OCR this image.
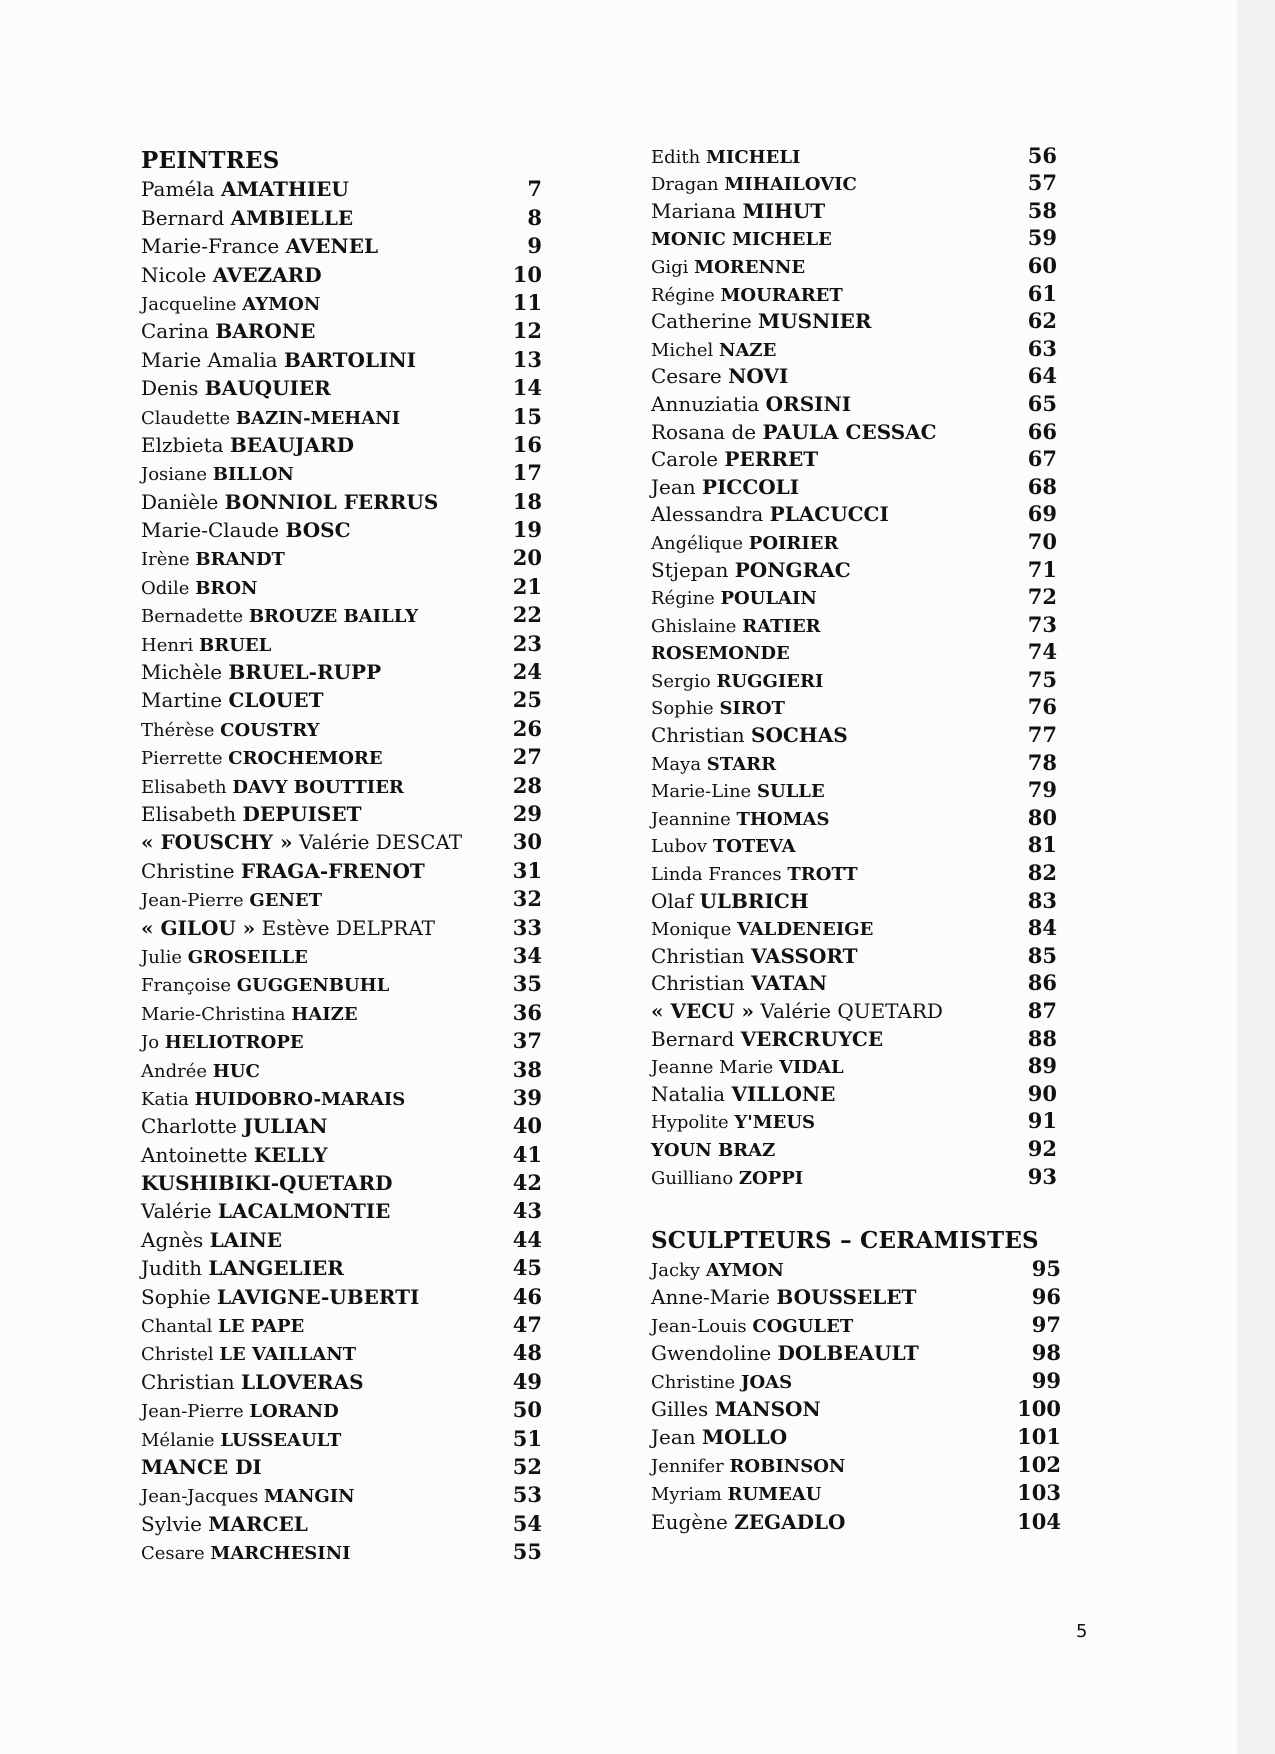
PEINTRES
Paméla AMATHIEU	7
Bernard AMBIELLE	8
Marie-France AVENEL	9
Nicole AVEZARD	10
Jacqueline AYMON	11
Carina BARONE	12
Marie Amalia BARTOLINI	13
Denis BAUQUIER	14
Claudette BAZIN-MEHANI	15
Elzbieta BEAUJARD	16
Josiane BILLON	17
Danièle BONNIOL FERRUS	18
Marie-Claude BOSC	19
Irène BRANDT	20
Odile BRON	21
Bernadette BROUZE BAILLY	22
Henri BRUEL	23
Michèle BRUEL-RUPP	24
Martine CLOUET	25
Thérèse COUSTRY	26
Pierrette CROCHEMORE	27
Elisabeth DAVY BOUTTIER	28
Elisabeth DEPUISET	29
« FOUSCHY » Valérie DESCAT 30
Christine FRAGA-FRENOT	31
Jean-Pierre GENET	32
« GILOU » Estève DELPRAT	33
Julie GROSEILLE	34
Françoise GUGGENBUHL	35
Marie-Christina HAIZE	36
Jo HELIOTROPE	37
Andrée HUC	38
Katia HUIDOBRO-MARAIS	39
Charlotte JULIAN	40
Antoinette KELLY	41
KUSHIBIKI-QUETARD	42
Valérie LACALMONTIE	43
Agnès LAINE	44
Judith LANGELIER	45
Sophie LAVIGNE-UBERTI	46
Chantal LE PAPE	47
Christel LE VAILLANT	48
Christian LLOVERAS	49
Jean-Pierre LORAND	50
Mélanie LUSSEAULT	51
MANCE DI	52
Jean-Jacques MANGIN	53
Sylvie MARCEL	54
Cesare MARCHESINI	55
Edith MICHELI	56
Dragan MIHAILOVIC	57
Mariana MIHUT	58
MONIC MICHELE	59
Gigi MORENNE	60
Régine MOURARET	61
Catherine MUSNIER	62
Michel NAZE	63
Cesare NOVI	64
Annuziatia ORSINI	65
Rosana de PAULA CESSAC	66
Carole PERRET	67
Jean PICCOLI	68
Alessandra PLACUCCI	69
Angélique POIRIER	70
Stjepan PONGRAC	71
Régine POULAIN	72
Ghislaine RATIER	73
ROSEMONDE	74
Sergio RUGGIERI	75
Sophie SIROT	76
Christian SOCHAS	77
Maya STARR	78
Marie-Line SULLE	79
Jeannine THOMAS	80
Lubov TOTEVA	81
Linda Frances TROTT	82
Olaf ULBRICH	83
Monique VALDENEIGE	84
Christian VASSORT	85
Christian VATAN	86
« VECU » Valérie QUETARD	87
Bernard VERCRUYCE	88
Jeanne Marie VIDAL	89
Natalia VILLONE	90
Hypolite Y'MEUS	91
YOUN BRAZ	92
Guilliano ZOPPI	93
SCULPTEURS – CERAMISTES
Jacky AYMON	95
Anne-Marie BOUSSELET	96
Jean-Louis COGULET	97
Gwendoline DOLBEAULT	98
Christine JOAS	99
Gilles MANSON	100
Jean MOLLO	101
Jennifer ROBINSON	102
Myriam RUMEAU	103
Eugène ZEGADLO	104
5
